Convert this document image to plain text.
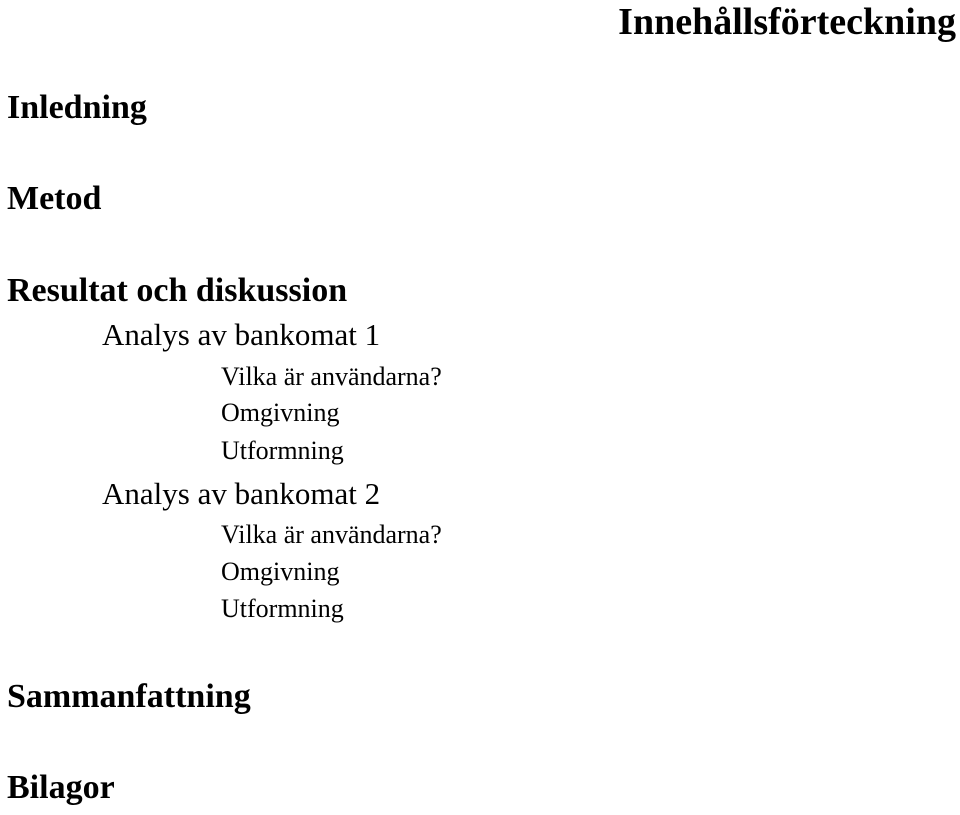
Innehållsförteckning
Inledning
Metod
Resultat och diskussion
Analys av bankomat 1
Vilka är användarna?
Omgivning
Utformning
Analys av bankomat 2
Vilka är användarna?
Omgivning
Utformning
Sammanfattning
Bilagor
